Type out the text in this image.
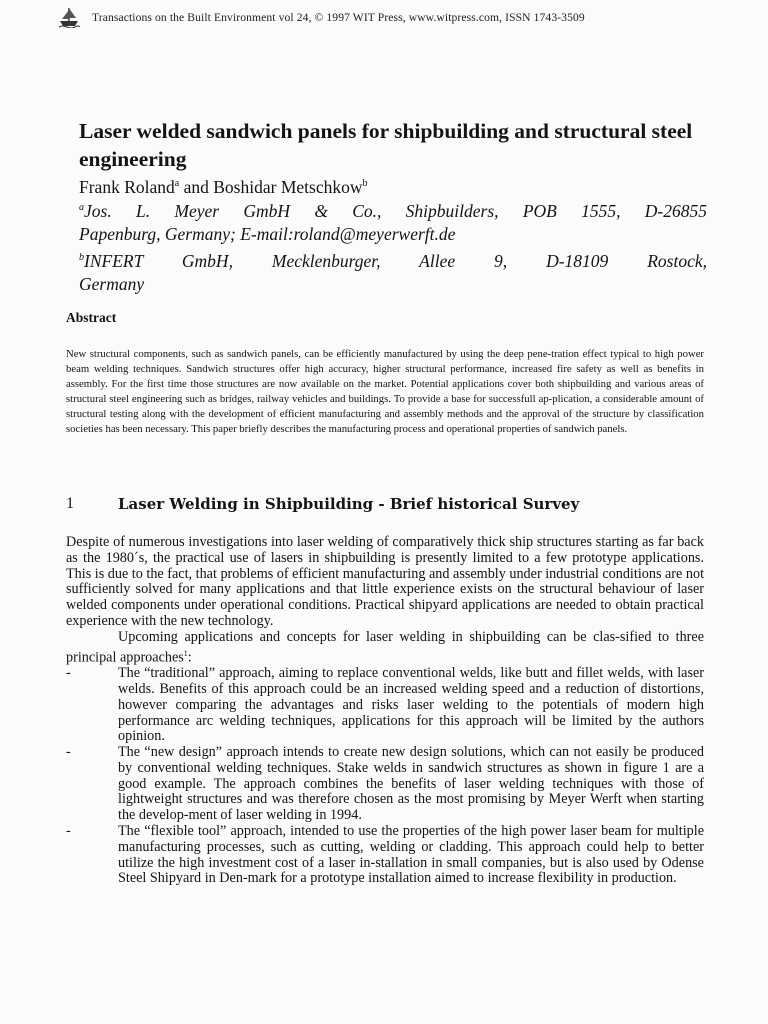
Transactions on the Built Environment vol 24, © 1997 WIT Press, www.witpress.com, ISSN 1743-3509
Laser welded sandwich panels for shipbuilding and structural steel engineering
Frank Roland$^a$ and Boshidar Metschkow$^b$

$^a$Jos. L. Meyer GmbH & Co., Shipbuilders, POB 1555, D-26855

Papenburg, Germany; E-mail:roland@meyerwerft.de

$^b$INFERT GmbH, Mecklenburger, Allee 9, D-18109 Rostock,

Germany

Abstract

New structural components, such as sandwich panels, can be efficiently manufactured by using the deep pene-tration effect typical to high power beam welding techniques. Sandwich structures offer high accuracy, higher structural performance, increased fire safety as well as benefits in assembly. For the first time those structures are now available on the market. Potential applications cover both shipbuilding and various areas of structural steel engineering such as bridges, railway vehicles and buildings. To provide a base for successfull ap-plication, a considerable amount of structural testing along with the development of efficient manufacturing and assembly methods and the approval of the structure by classification societies has been necessary. This paper briefly describes the manufacturing process and operational properties of sandwich panels.

1	Laser Welding in Shipbuilding - Brief historical Survey

Despite of numerous investigations into laser welding of comparatively thick ship structures starting as far back as the 1980´s, the practical use of lasers in shipbuilding is presently limited to a few prototype applications. This is due to the fact, that problems of efficient manufacturing and assembly under industrial conditions are not sufficiently solved for many applications and that little experience exists on the structural behaviour of laser welded components under operational conditions. Practical shipyard applications are needed to obtain practical experience with the new technology.

Upcoming applications and concepts for laser welding in shipbuilding can be clas-sified to three principal approaches$^1$:

-	The “traditional” approach, aiming to replace conventional welds, like butt and fillet welds, with laser welds. Benefits of this approach could be an increased welding speed and a reduction of distortions, however comparing the advantages and risks laser welding to the potentials of modern high performance arc welding techniques, applications for this approach will be limited by the authors opinion.
-	The “new design” approach intends to create new design solutions, which can not easily be produced by conventional welding techniques. Stake welds in sandwich structures as shown in figure 1 are a good example. The approach combines the benefits of laser welding techniques with those of lightweight structures and was therefore chosen as the most promising by Meyer Werft when starting the develop-ment of laser welding in 1994.
-	The “flexible tool” approach, intended to use the properties of the high power laser beam for multiple manufacturing processes, such as cutting, welding or cladding. This approach could help to better utilize the high investment cost of a laser in-stallation in small companies, but is also used by Odense Steel Shipyard in Den-mark for a prototype installation aimed to increase flexibility in production.
